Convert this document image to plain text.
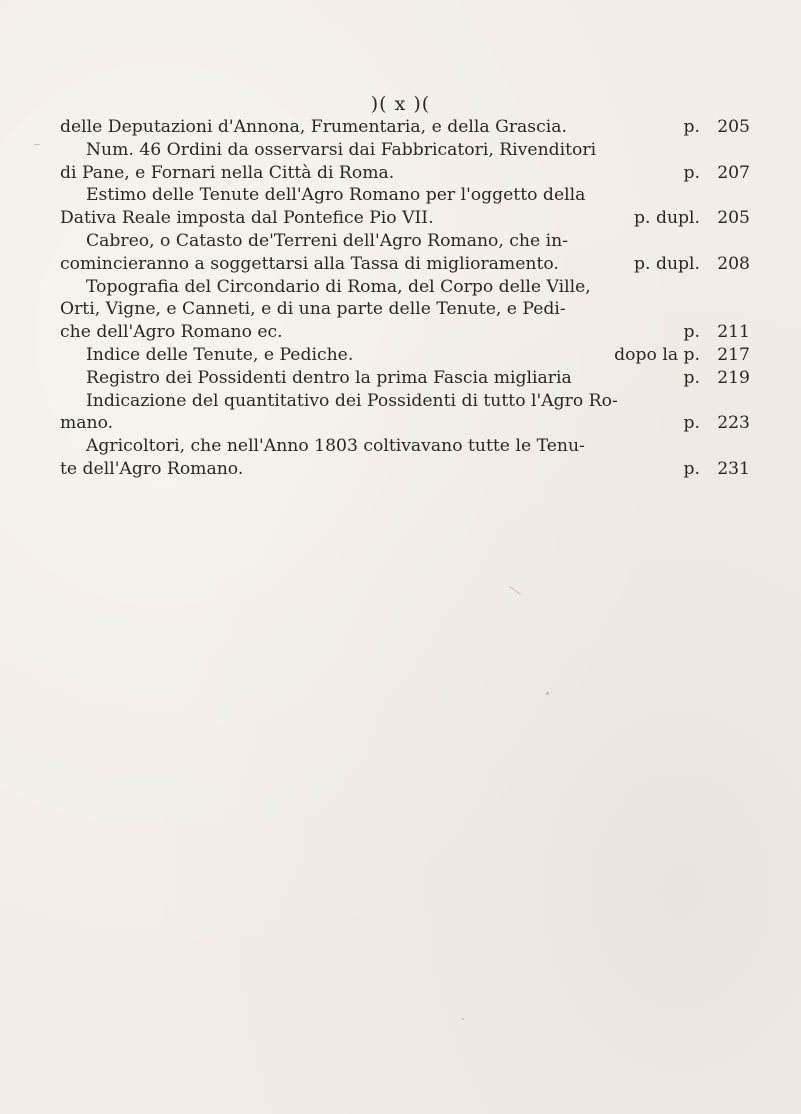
)( x )(
delle Deputazioni d'Annona, Frumentaria, e della Grascia.	p. 205
Num. 46 Ordini da osservarsi dai Fabbricatori, Rivenditori
di Pane, e Fornari nella Città di Roma.	p. 207
Estimo delle Tenute dell'Agro Romano per l'oggetto della
Dativa Reale imposta dal Pontefice Pio VII.	p. dupl. 205
Cabreo, o Catasto de'Terreni dell'Agro Romano, che in-
comincieranno a soggettarsi alla Tassa di miglioramento.	p. dupl. 208
Topografia del Circondario di Roma, del Corpo delle Ville,
Orti, Vigne, e Canneti, e di una parte delle Tenute, e Pedi-
che dell'Agro Romano ec.	p. 211
Indice delle Tenute, e Pediche.	dopo la p. 217
Registro dei Possidenti dentro la prima Fascia migliaria	p. 219
Indicazione del quantitativo dei Possidenti di tutto l'Agro Ro-
mano.	p. 223
Agricoltori, che nell'Anno 1803 coltivavano tutte le Tenu-
te dell'Agro Romano.	p. 231
